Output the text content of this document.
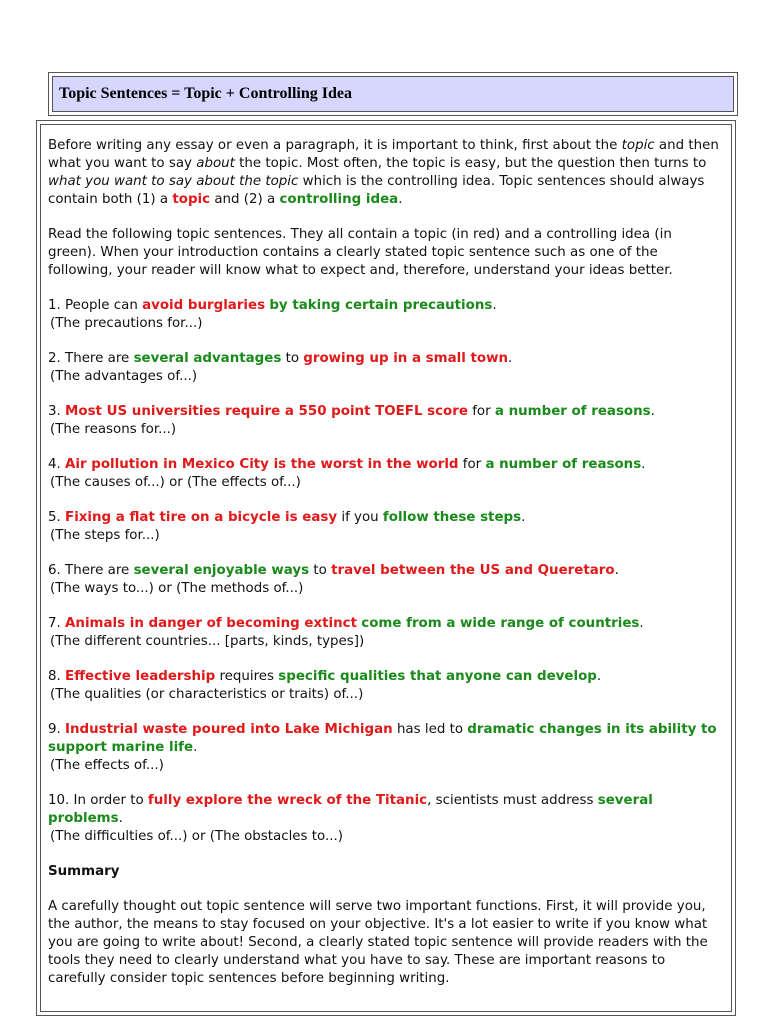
Topic Sentences = Topic + Controlling Idea

Before writing any essay or even a paragraph, it is important to think, first about the topic and then what you want to say about the topic. Most often, the topic is easy, but the question then turns to what you want to say about the topic which is the controlling idea. Topic sentences should always contain both (1) a topic and (2) a controlling idea.

Read the following topic sentences. They all contain a topic (in red) and a controlling idea (in green). When your introduction contains a clearly stated topic sentence such as one of the following, your reader will know what to expect and, therefore, understand your ideas better.

1. People can avoid burglaries by taking certain precautions.
(The precautions for...)

2. There are several advantages to growing up in a small town.
(The advantages of...)

3. Most US universities require a 550 point TOEFL score for a number of reasons.
(The reasons for...)

4. Air pollution in Mexico City is the worst in the world for a number of reasons.
(The causes of...) or (The effects of...)

5. Fixing a flat tire on a bicycle is easy if you follow these steps.
(The steps for...)

6. There are several enjoyable ways to travel between the US and Queretaro.
(The ways to...) or (The methods of...)

7. Animals in danger of becoming extinct come from a wide range of countries.
(The different countries... [parts, kinds, types])

8. Effective leadership requires specific qualities that anyone can develop.
(The qualities (or characteristics or traits) of...)

9. Industrial waste poured into Lake Michigan has led to dramatic changes in its ability to support marine life.
(The effects of...)

10. In order to fully explore the wreck of the Titanic, scientists must address several problems.
(The difficulties of...) or (The obstacles to...)

Summary

A carefully thought out topic sentence will serve two important functions. First, it will provide you, the author, the means to stay focused on your objective. It's a lot easier to write if you know what you are going to write about! Second, a clearly stated topic sentence will provide readers with the tools they need to clearly understand what you have to say. These are important reasons to carefully consider topic sentences before beginning writing.
